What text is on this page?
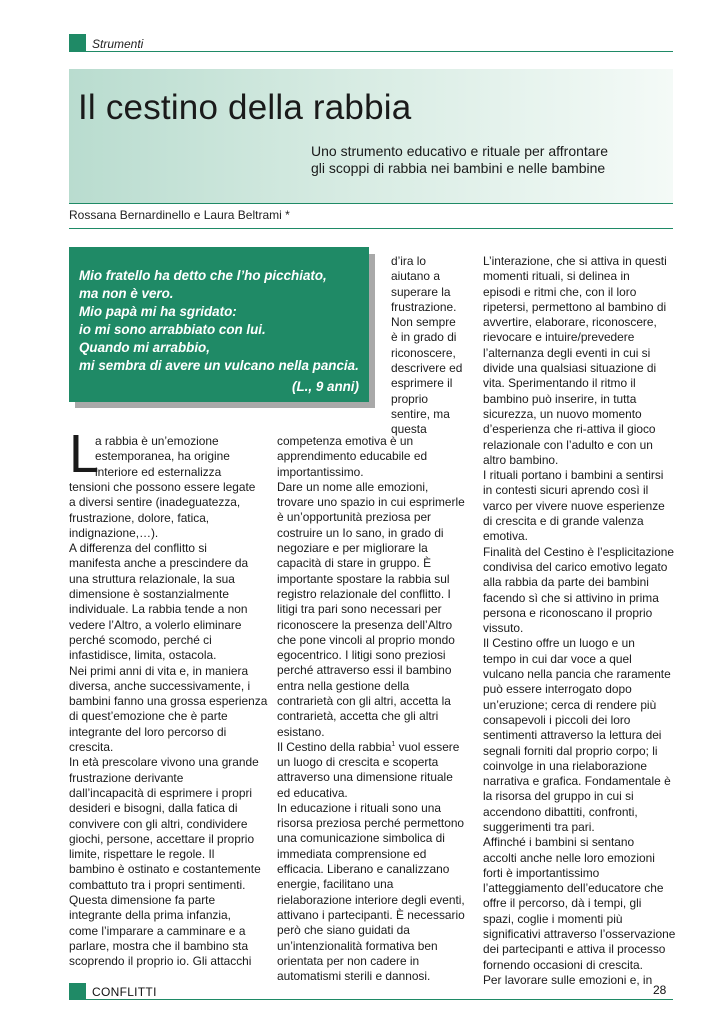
Strumenti
Il cestino della rabbia
Uno strumento educativo e rituale per affrontare
gli scoppi di rabbia nei bambini e nelle bambine
Rossana Bernardinello e Laura Beltrami *
Mio fratello ha detto che l’ho picchiato,
ma non è vero.
Mio papà mi ha sgridato:
io mi sono arrabbiato con lui.
Quando mi arrabbio,
mi sembra di avere un vulcano nella pancia.
(L., 9 anni)
L
a rabbia è un’emozione
estemporanea, ha origine
interiore ed esternalizza
tensioni che possono essere legate
a diversi sentire (inadeguatezza,
frustrazione, dolore, fatica,
indignazione,…).
A differenza del conflitto si
manifesta anche a prescindere da
una struttura relazionale, la sua
dimensione è sostanzialmente
individuale. La rabbia tende a non
vedere l’Altro, a volerlo eliminare
perché scomodo, perché ci
infastidisce, limita, ostacola.
Nei primi anni di vita e, in maniera
diversa, anche successivamente, i
bambini fanno una grossa esperienza
di quest’emozione che è parte
integrante del loro percorso di
crescita.
In età prescolare vivono una grande
frustrazione derivante
dall’incapacità di esprimere i propri
desideri e bisogni, dalla fatica di
convivere con gli altri, condividere
giochi, persone, accettare il proprio
limite, rispettare le regole. Il
bambino è ostinato e costantemente
combattuto tra i propri sentimenti.
Questa dimensione fa parte
integrante della prima infanzia,
come l’imparare a camminare e a
parlare, mostra che il bambino sta
scoprendo il proprio io. Gli attacchi
d’ira lo
aiutano a
superare la
frustrazione.
Non sempre
è in grado di
riconoscere,
descrivere ed
esprimere il
proprio
sentire, ma
questa
competenza emotiva è un
apprendimento educabile ed
importantissimo.
Dare un nome alle emozioni,
trovare uno spazio in cui esprimerle
è un’opportunità preziosa per
costruire un Io sano, in grado di
negoziare e per migliorare la
capacità di stare in gruppo. È
importante spostare la rabbia sul
registro relazionale del conflitto. I
litigi tra pari sono necessari per
riconoscere la presenza dell’Altro
che pone vincoli al proprio mondo
egocentrico. I litigi sono preziosi
perché attraverso essi il bambino
entra nella gestione della
contrarietà con gli altri, accetta la
contrarietà, accetta che gli altri
esistano.
Il Cestino della rabbia$^1$ vuol essere
un luogo di crescita e scoperta
attraverso una dimensione rituale
ed educativa.
In educazione i rituali sono una
risorsa preziosa perché permettono
una comunicazione simbolica di
immediata comprensione ed
efficacia. Liberano e canalizzano
energie, facilitano una
rielaborazione interiore degli eventi,
attivano i partecipanti. È necessario
però che siano guidati da
un’intenzionalità formativa ben
orientata per non cadere in
automatismi sterili e dannosi.
L’interazione, che si attiva in questi
momenti rituali, si delinea in
episodi e ritmi che, con il loro
ripetersi, permettono al bambino di
avvertire, elaborare, riconoscere,
rievocare e intuire/prevedere
l’alternanza degli eventi in cui si
divide una qualsiasi situazione di
vita. Sperimentando il ritmo il
bambino può inserire, in tutta
sicurezza, un nuovo momento
d’esperienza che ri-attiva il gioco
relazionale con l’adulto e con un
altro bambino.
I rituali portano i bambini a sentirsi
in contesti sicuri aprendo così il
varco per vivere nuove esperienze
di crescita e di grande valenza
emotiva.
Finalità del Cestino è l’esplicitazione
condivisa del carico emotivo legato
alla rabbia da parte dei bambini
facendo sì che si attivino in prima
persona e riconoscano il proprio
vissuto.
Il Cestino offre un luogo e un
tempo in cui dar voce a quel
vulcano nella pancia che raramente
può essere interrogato dopo
un’eruzione; cerca di rendere più
consapevoli i piccoli dei loro
sentimenti attraverso la lettura dei
segnali forniti dal proprio corpo; li
coinvolge in una rielaborazione
narrativa e grafica. Fondamentale è
la risorsa del gruppo in cui si
accendono dibattiti, confronti,
suggerimenti tra pari.
Affinché i bambini si sentano
accolti anche nelle loro emozioni
forti è importantissimo
l’atteggiamento dell’educatore che
offre il percorso, dà i tempi, gli
spazi, coglie i momenti più
significativi attraverso l’osservazione
dei partecipanti e attiva il processo
fornendo occasioni di crescita.
Per lavorare sulle emozioni e, in
CONFLITTI	28
